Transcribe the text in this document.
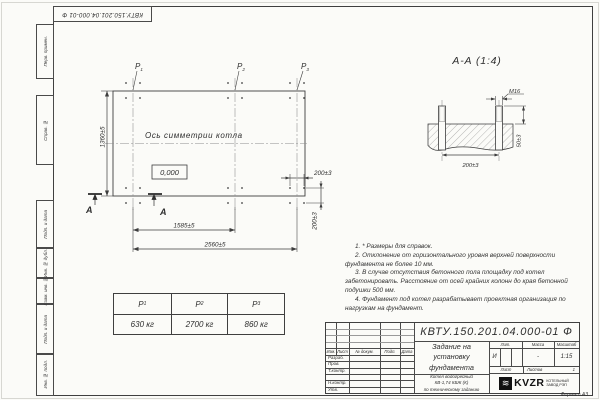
КВТУ.150.201.04.000-01 Ф
Перв. примен.
Справ. №
Подп. и дата
Инв. № дубл.
Взам. инв. №
Подп. и дата
Инв. № подл.
$P_1$	$P_2$	$P_3$
Ось симметрии котла
0,000
1360±5
1585±5
2560±5
200±3
200±3
А	А
А-А (1:4)
М16
50±3
200±3

1. * Размеры для справок.

2. Отклонение от горизонтального уровня верхней поверхности фундамента не более 10 мм.

3. В случае отсутствия бетонного пола площадку под котел забетонировать. Расстояние от осей крайних колонн до края бетонной подушки 500 мм.

4. Фундамент под котел разрабатывает проектная организация по нагрузкам на фундамент.

P 1	P 2	P 3
630 кг	2700 кг	860 кг
Изм. Лист	№ докум.	Подп.	Дата
Разраб.
Пров.
Т.контр.
Н.контр.
Утв.
КВТУ.150.201.04.000-01 Ф
Задание на установку фундамента
Котел водогрейный
КВ-1,74 КБЖ (К)
по техническому заданию
Лит.	Масса	Масштаб
И	-	1:15
Лист	Листов	1
≋ KVZR КОТЕЛЬНЫЙ
ЗАВОД РЭП
Формат А3
